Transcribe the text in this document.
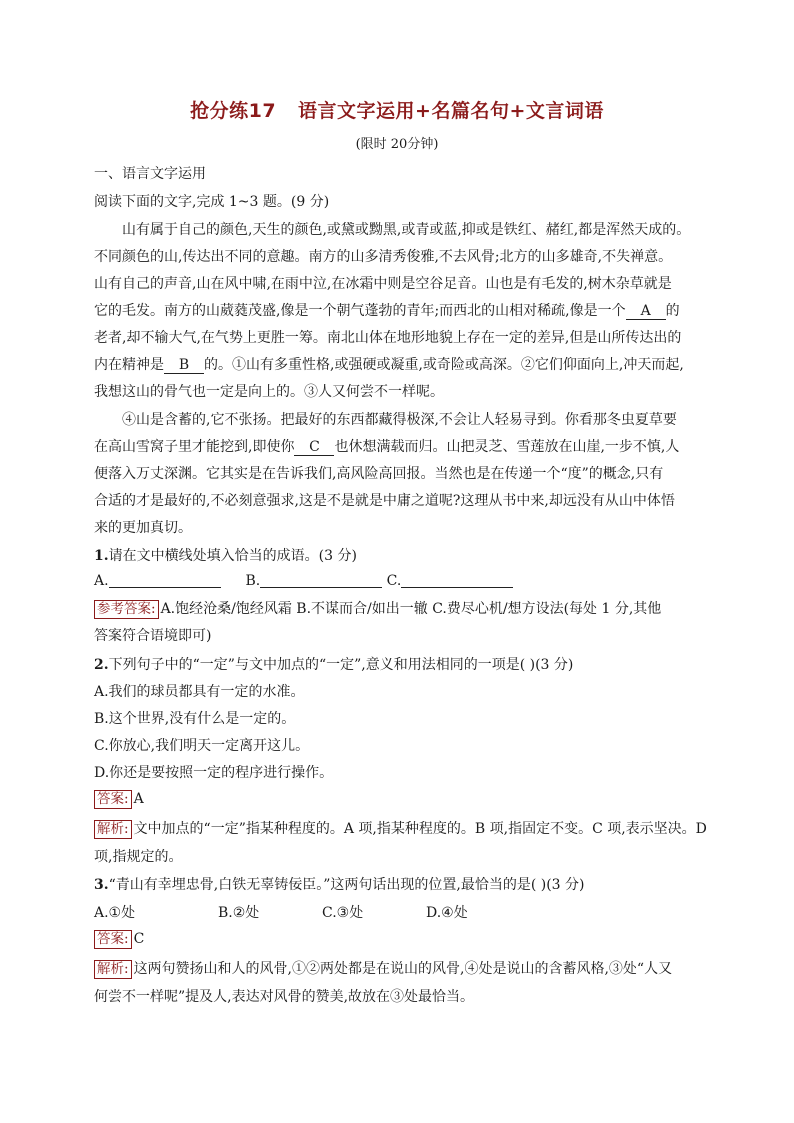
抢分练17 语言文字运用+名篇名句+文言词语
(限时 20分钟)
一、语言文字运用
阅读下面的文字,完成 1~3 题。(9 分)
山有属于自己的颜色,天生的颜色,或黛或黝黑,或青或蓝,抑或是铁红、赭红,都是浑然天成的。
不同颜色的山,传达出不同的意趣。南方的山多清秀俊雅,不去风骨;北方的山多雄奇,不失禅意。
山有自己的声音,山在风中啸,在雨中泣,在冰霜中则是空谷足音。山也是有毛发的,树木杂草就是
它的毛发。南方的山葳蕤茂盛,像是一个朝气蓬勃的青年;而西北的山相对稀疏,像是一个 A 的
老者,却不输大气,在气势上更胜一筹。南北山体在地形地貌上存在一定的差异,但是山所传达出的
内在精神是 B 的。①山有多重性格,或强硬或凝重,或奇险或高深。②它们仰面向上,冲天而起,
我想这山的骨气也一定是向上的。③人又何尝不一样呢。
④山是含蓄的,它不张扬。把最好的东西都藏得极深,不会让人轻易寻到。你看那冬虫夏草要
在高山雪窝子里才能挖到,即使你 C 也休想满载而归。山把灵芝、雪莲放在山崖,一步不慎,人
便落入万丈深渊。它其实是在告诉我们,高风险高回报。当然也是在传递一个“度”的概念,只有
合适的才是最好的,不必刻意强求,这是不是就是中庸之道呢?这理从书中来,却远没有从山中体悟
来的更加真切。
1.请在文中横线处填入恰当的成语。(3 分)
A.	B.	C.
参考答案: A.饱经沧桑/饱经风霜 B.不谋而合/如出一辙 C.费尽心机/想方设法(每处 1 分,其他
答案符合语境即可)
2.下列句子中的“一定”与文中加点的“一定”,意义和用法相同的一项是( )(3 分)
A.我们的球员都具有一定的水准。
B.这个世界,没有什么是一定的。
C.你放心,我们明天一定离开这儿。
D.你还是要按照一定的程序进行操作。
答案: A
解析: 文中加点的“一定”指某种程度的。A 项,指某种程度的。B 项,指固定不变。C 项,表示坚决。D
项,指规定的。
3.“青山有幸埋忠骨,白铁无辜铸佞臣。”这两句话出现的位置,最恰当的是( )(3 分)
A.①处	B.②处	C.③处	D.④处
答案: C
解析: 这两句赞扬山和人的风骨,①②两处都是在说山的风骨,④处是说山的含蓄风格,③处“人又
何尝不一样呢”提及人,表达对风骨的赞美,故放在③处最恰当。
